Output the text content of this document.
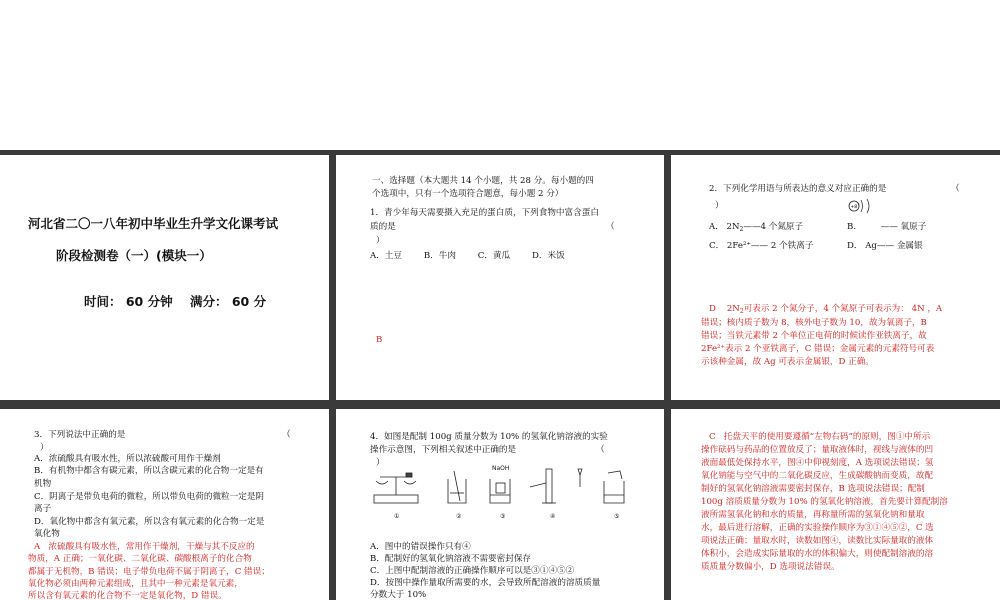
河北省二〇一八年初中毕业生升学文化课考试
阶段检测卷（一）(模块一）
时间： 60 分钟    满分： 60 分
一、选择题（本大题共 14 个小题，共 28 分。每小题的四
个选项中，只有一个选项符合题意，每小题 2 分）
1．青少年每天需要摄入充足的蛋白质，下列食物中富含蛋白
质的是	（
）
A．土豆        B．牛肉        C．黄瓜        D．米饭
2．下列化学用语与所表达的意义对应正确的是	（
）	+8
A． $2N_2——4$ 个氮原子	B.         —— 氧原子
C． 2Fe²⁺—— 2 个铁离子	D． Ag—— 金属银
D    $2N_2$可表示 2 个氮分子，4 个氮原子可表示为： 4N ，A
错误；核内质子数为 8，核外电子数为 10，故为氧离子，B
错误；当铁元素带 2 个单位正电荷的时候读作亚铁离子，故
2Fe²⁺表示 2 个亚铁离子，C 错误；金属元素的元素符号可表
示该种金属，故 Ag 可表示金属银，D 正确。
B
3．下列说法中正确的是	（
）
A．浓硫酸具有吸水性，所以浓硫酸可用作干燥剂
B．有机物中都含有碳元素，所以含碳元素的化合物一定是有
机物
C．阴离子是带负电荷的微粒，所以带负电荷的微粒一定是阴
离子
D．氧化物中都含有氧元素，所以含有氧元素的化合物一定是
氧化物
A   浓硫酸具有吸水性，常用作干燥剂，干燥与其不反应的
物质，A 正确；一氧化碳、二氧化碳、碳酸根离子的化合物
都属于无机物，B 错误；电子带负电荷不属于阴离子，C 错误；
氧化物必须由两种元素组成，且其中一种元素是氧元素，
所以含有氧元素的化合物不一定是氧化物，D 错误。
4．如图是配制 100g 质量分数为 10% 的氢氧化钠溶液的实验
操作示意图，下列相关叙述中正确的是	（
）
NaOH
①	②	③	④	⑤
A．图中的错误操作只有④
B．配制好的氢氧化钠溶液不需要密封保存
C．上图中配制溶液的正确操作顺序可以是③①④⑤②
D．按图中操作量取所需要的水，会导致所配溶液的溶质质量
分数大于 10%
C   托盘天平的使用要遵循“左物右码”的原则，图①中所示
操作砝码与药品的位置放反了；量取液体时，视线与液体的凹
液面最低处保持水平，图④中仰视刻度，A 选项说法错误；氢
氧化钠能与空气中的二氧化碳反应，生成碳酸钠而变质，故配
制好的氢氧化钠溶液需要密封保存，B 选项说法错误；配制
100g 溶质质量分数为 10% 的氢氧化钠溶液，首先要计算配制溶
液所需氢氧化钠和水的质量，再称量所需的氢氧化钠和量取
水，最后进行溶解，正确的实验操作顺序为③①④⑤②，C 选
项说法正确；量取水时，读数如图④，读数比实际量取的液体
体积小，会造成实际量取的水的体积偏大，则使配制溶液的溶
质质量分数偏小，D 选项说法错误。
